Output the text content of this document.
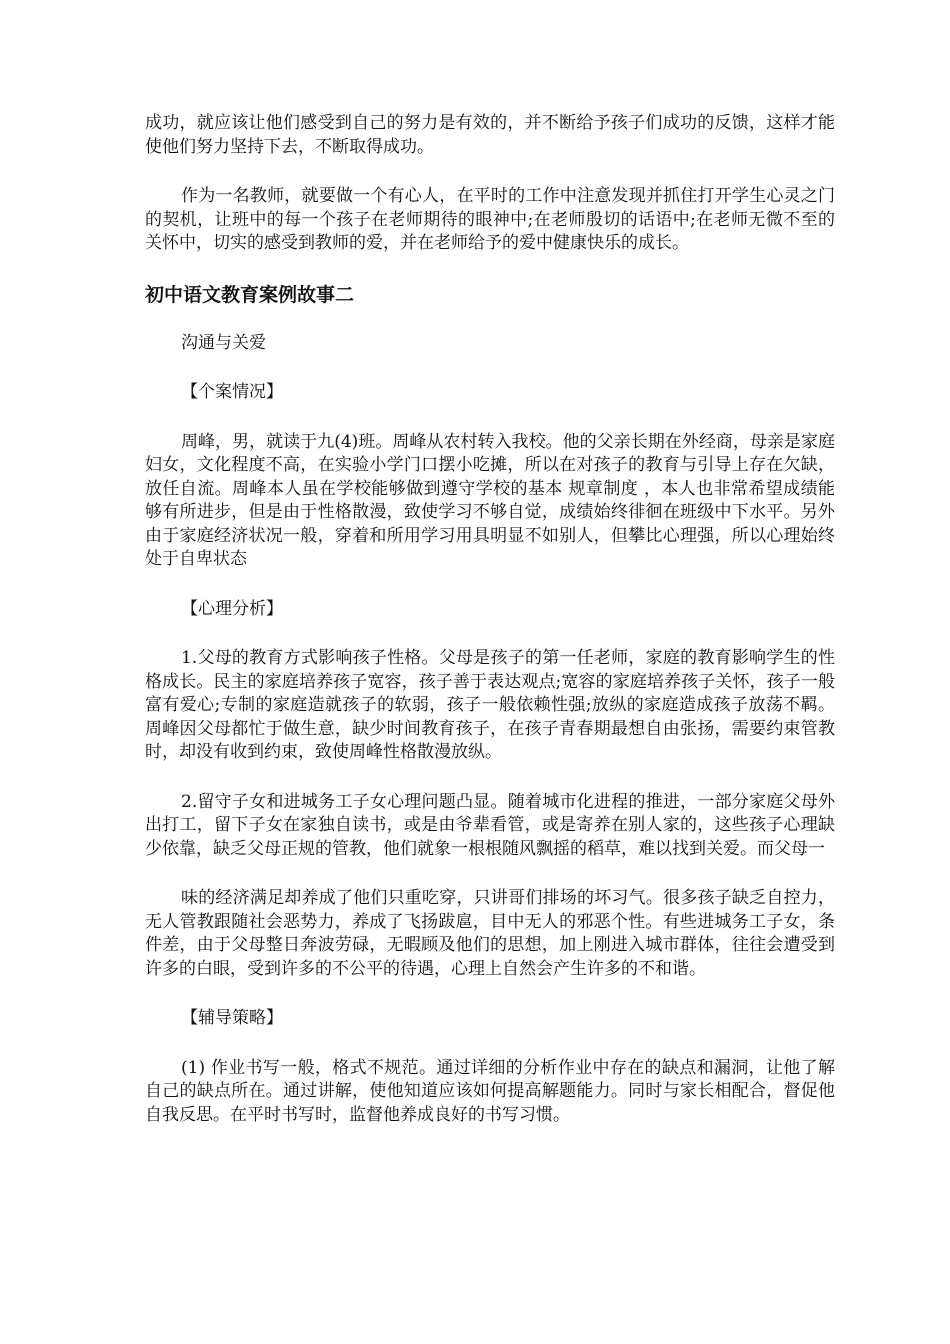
成功，就应该让他们感受到自己的努力是有效的，并不断给予孩子们成功的反馈，这样才能使他们努力坚持下去，不断取得成功。

作为一名教师，就要做一个有心人，在平时的工作中注意发现并抓住打开学生心灵之门的契机，让班中的每一个孩子在老师期待的眼神中;在老师殷切的话语中;在老师无微不至的关怀中，切实的感受到教师的爱，并在老师给予的爱中健康快乐的成长。

初中语文教育案例故事二

沟通与关爱

【个案情况】

周峰，男，就读于九(4)班。周峰从农村转入我校。他的父亲长期在外经商，母亲是家庭妇女，文化程度不高，在实验小学门口摆小吃摊，所以在对孩子的教育与引导上存在欠缺，放任自流。周峰本人虽在学校能够做到遵守学校的基本 规章制度 ，本人也非常希望成绩能够有所进步，但是由于性格散漫，致使学习不够自觉，成绩始终徘徊在班级中下水平。另外由于家庭经济状况一般，穿着和所用学习用具明显不如别人，但攀比心理强，所以心理始终处于自卑状态

【心理分析】

1.父母的教育方式影响孩子性格。父母是孩子的第一任老师，家庭的教育影响学生的性格成长。民主的家庭培养孩子宽容，孩子善于表达观点;宽容的家庭培养孩子关怀，孩子一般富有爱心;专制的家庭造就孩子的软弱，孩子一般依赖性强;放纵的家庭造成孩子放荡不羁。周峰因父母都忙于做生意，缺少时间教育孩子，在孩子青春期最想自由张扬，需要约束管教时，却没有收到约束，致使周峰性格散漫放纵。

2.留守子女和进城务工子女心理问题凸显。随着城市化进程的推进，一部分家庭父母外出打工，留下子女在家独自读书，或是由爷辈看管，或是寄养在别人家的，这些孩子心理缺少依靠，缺乏父母正规的管教，他们就象一根根随风飘摇的稻草，难以找到关爱。而父母一

味的经济满足却养成了他们只重吃穿，只讲哥们排场的坏习气。很多孩子缺乏自控力，无人管教跟随社会恶势力，养成了飞扬跋扈，目中无人的邪恶个性。有些进城务工子女，条件差，由于父母整日奔波劳碌，无暇顾及他们的思想，加上刚进入城市群体，往往会遭受到许多的白眼，受到许多的不公平的待遇，心理上自然会产生许多的不和谐。

【辅导策略】

(1) 作业书写一般，格式不规范。通过详细的分析作业中存在的缺点和漏洞，让他了解自己的缺点所在。通过讲解，使他知道应该如何提高解题能力。同时与家长相配合，督促他自我反思。在平时书写时，监督他养成良好的书写习惯。
